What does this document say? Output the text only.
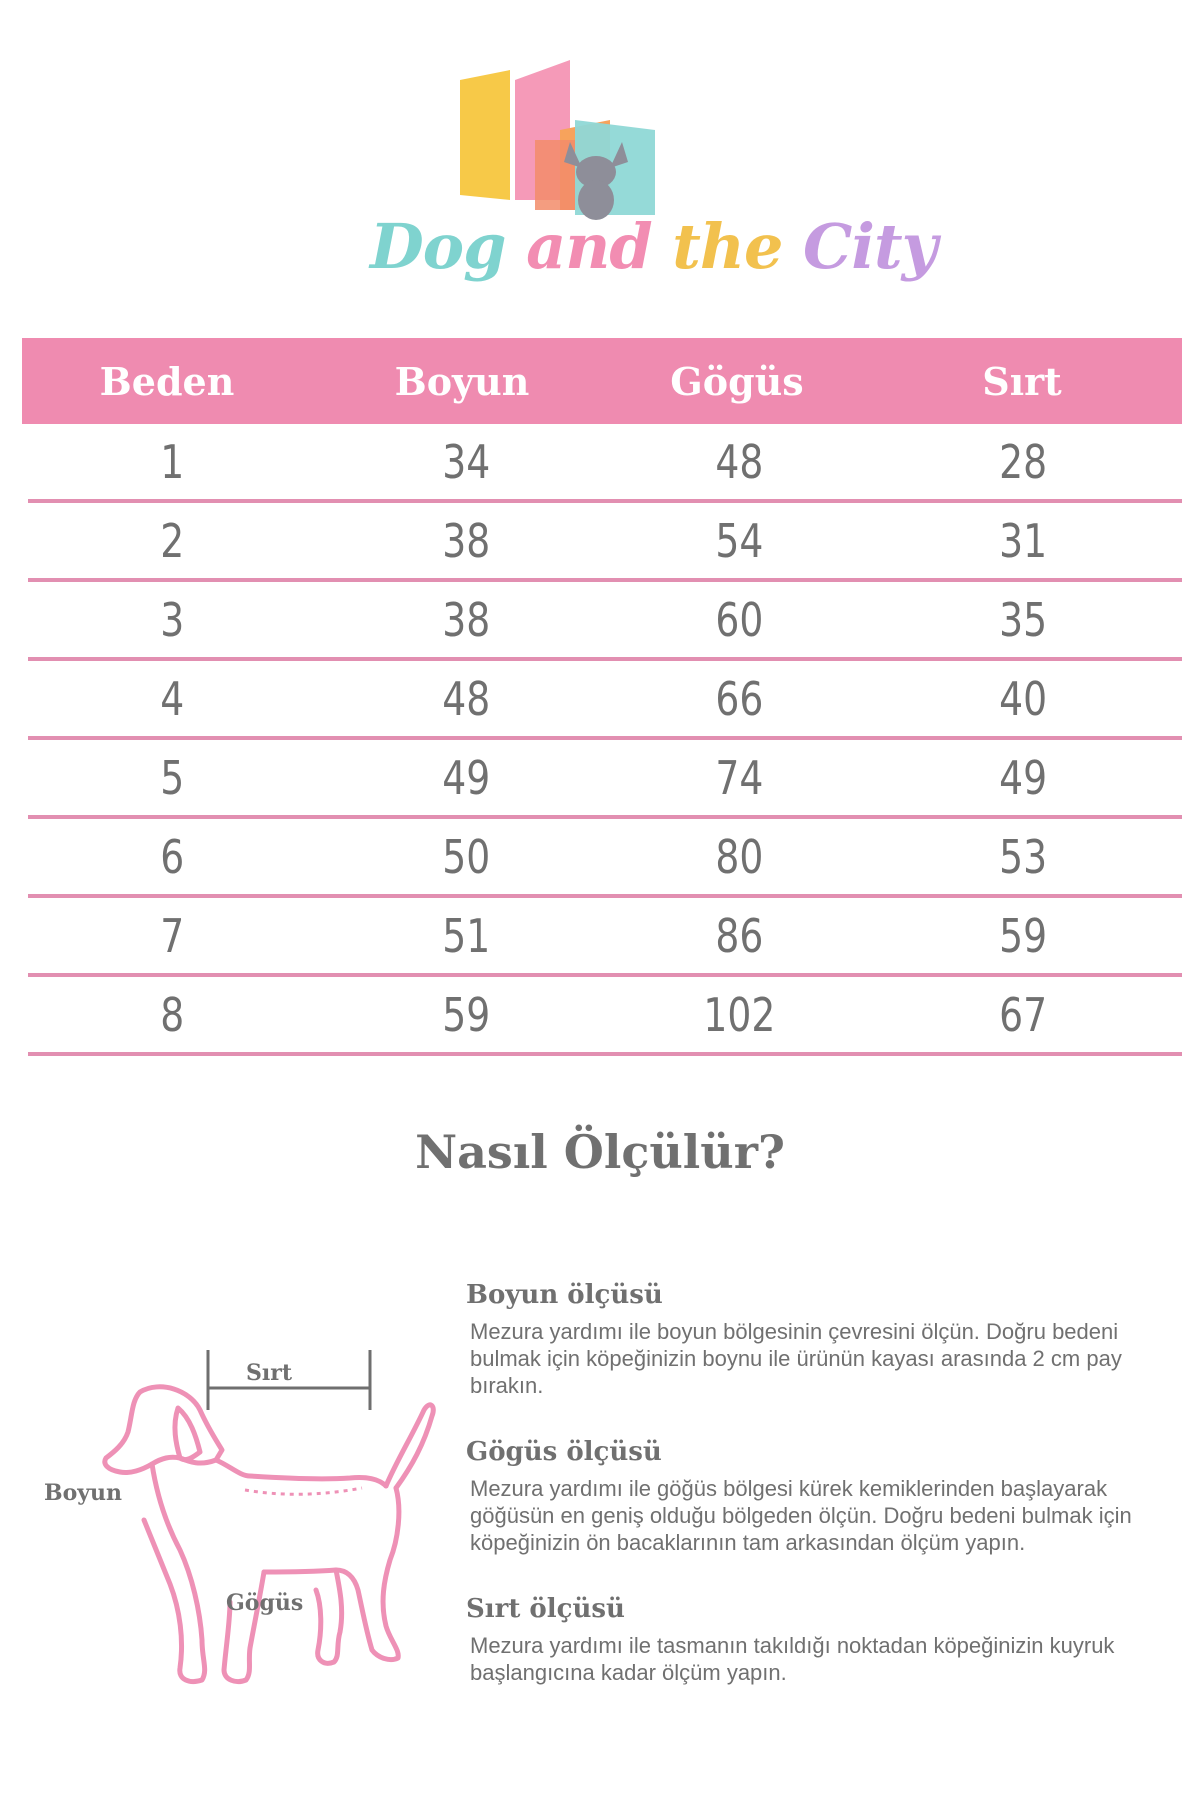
Dog and the City
Beden	Boyun	Gögüs	Sırt
1	34	48	28
2	38	54	31
3	38	60	35
4	48	66	40
5	49	74	49
6	50	80	53
7	51	86	59
8	59	102	67
Nasıl Ölçülür?
Sırt
Boyun
Gögüs
Boyun ölçüsü

Mezura yardımı ile boyun bölgesinin çevresini ölçün. Doğru bedeni bulmak için köpeğinizin boynu ile ürünün kayası arasında 2 cm pay bırakın.

Gögüs ölçüsü

Mezura yardımı ile göğüs bölgesi kürek kemiklerinden başlayarak göğüsün en geniş olduğu bölgeden ölçün. Doğru bedeni bulmak için köpeğinizin ön bacaklarının tam arkasından ölçüm yapın.

Sırt ölçüsü

Mezura yardımı ile tasmanın takıldığı noktadan köpeğinizin kuyruk başlangıcına kadar ölçüm yapın.
